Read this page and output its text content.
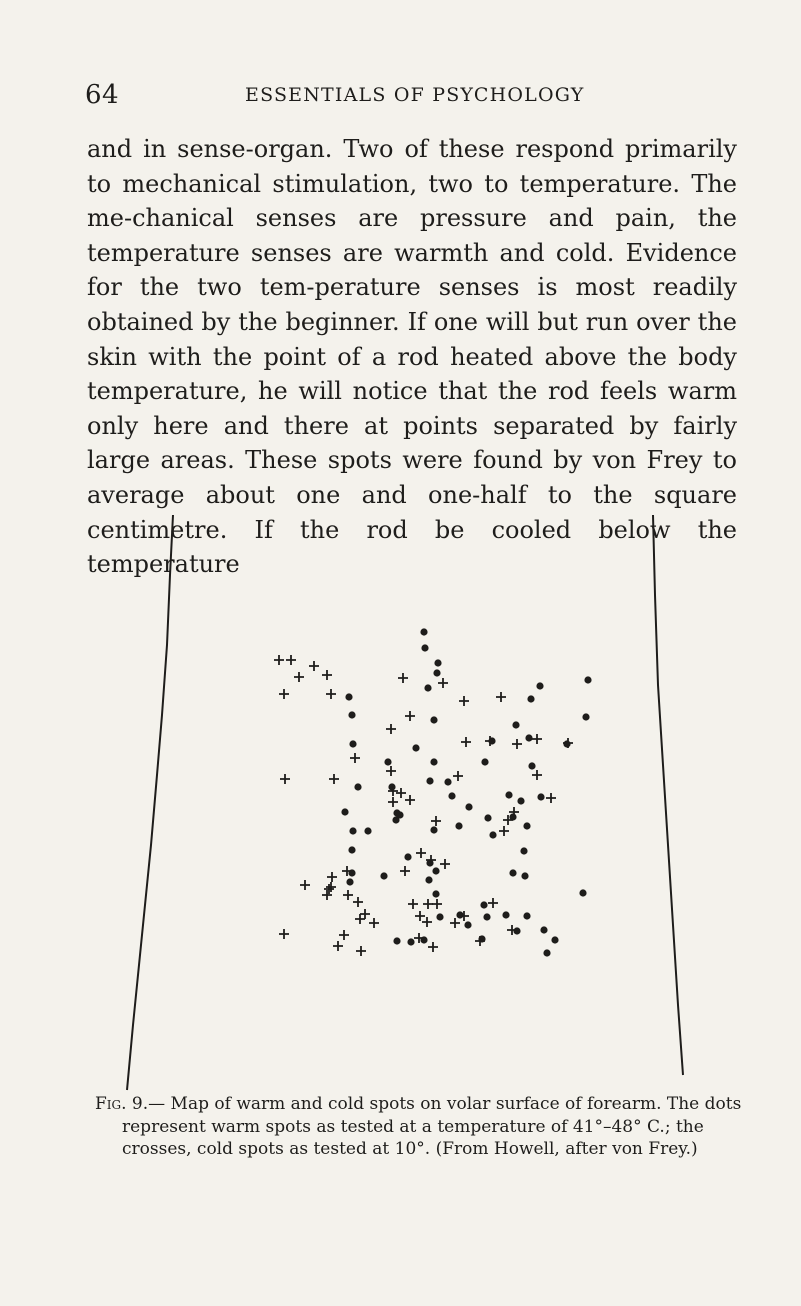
64	ESSENTIALS OF PSYCHOLOGY
and in sense-organ. Two of these respond primarily to mechanical stimulation, two to temperature. The me-chanical senses are pressure and pain, the temperature senses are warmth and cold. Evidence for the two tem-perature senses is most readily obtained by the beginner. If one will but run over the skin with the point of a rod heated above the body temperature, he will notice that the rod feels warm only here and there at points separated by fairly large areas. These spots were found by von Frey to average about one and one-half to the square centimetre. If the rod be cooled below the temperature
Fig. 9.— Map of warm and cold spots on volar surface of forearm. The dots represent warm spots as tested at a temperature of 41°–48° C.; the crosses, cold spots as tested at 10°. (From Howell, after von Frey.)
